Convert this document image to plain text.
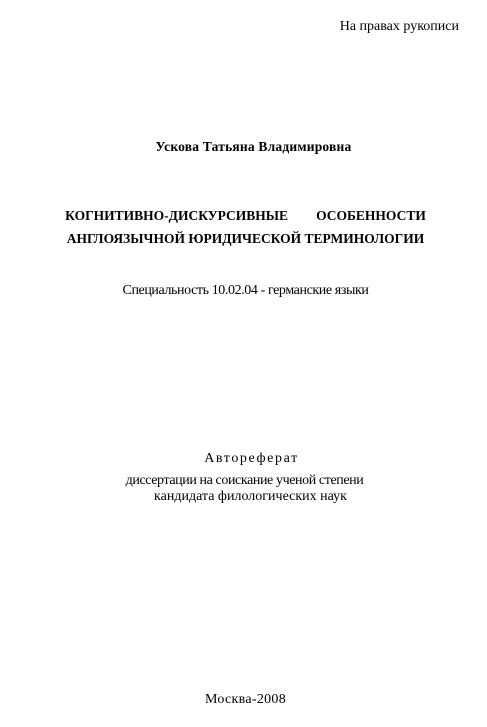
На правах рукописи
Ускова Татьяна Владимировна
КОГНИТИВНО-ДИСКУРСИВНЫЕ ОСОБЕННОСТИ
АНГЛОЯЗЫЧНОЙ ЮРИДИЧЕСКОЙ ТЕРМИНОЛОГИИ
Специальность 10.02.04 - германские языки
Автореферат
диссертации на соискание ученой степени
кандидата филологических наук
Москва-2008
